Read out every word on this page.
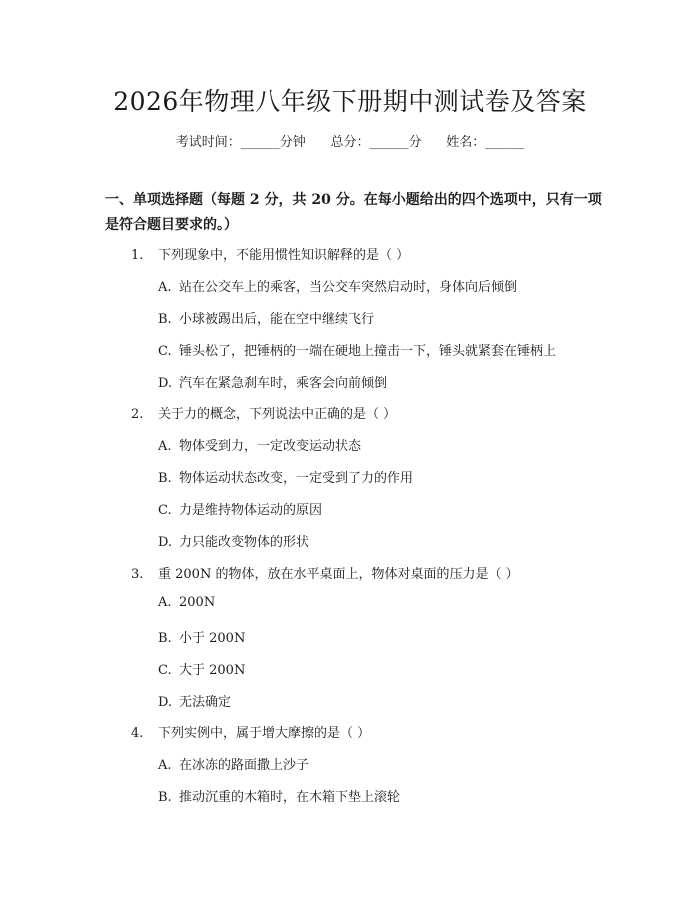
2026年物理八年级下册期中测试卷及答案
考试时间：______分钟      总分：______分      姓名：______

一、单项选择题（每题 2 分，共 20 分。在每小题给出的四个选项中，只有一项是符合题目要求的。）

1. 下列现象中，不能用惯性知识解释的是（ ）
A. 站在公交车上的乘客，当公交车突然启动时，身体向后倾倒
B. 小球被踢出后，能在空中继续飞行
C. 锤头松了，把锤柄的一端在硬地上撞击一下，锤头就紧套在锤柄上
D. 汽车在紧急刹车时，乘客会向前倾倒
2. 关于力的概念，下列说法中正确的是（ ）
A. 物体受到力，一定改变运动状态
B. 物体运动状态改变，一定受到了力的作用
C. 力是维持物体运动的原因
D. 力只能改变物体的形状
3. 重 200N 的物体，放在水平桌面上，物体对桌面的压力是（ ）
A. 200N
B. 小于 200N
C. 大于 200N
D. 无法确定
4. 下列实例中，属于增大摩擦的是（ ）
A. 在冰冻的路面撒上沙子
B. 推动沉重的木箱时，在木箱下垫上滚轮
